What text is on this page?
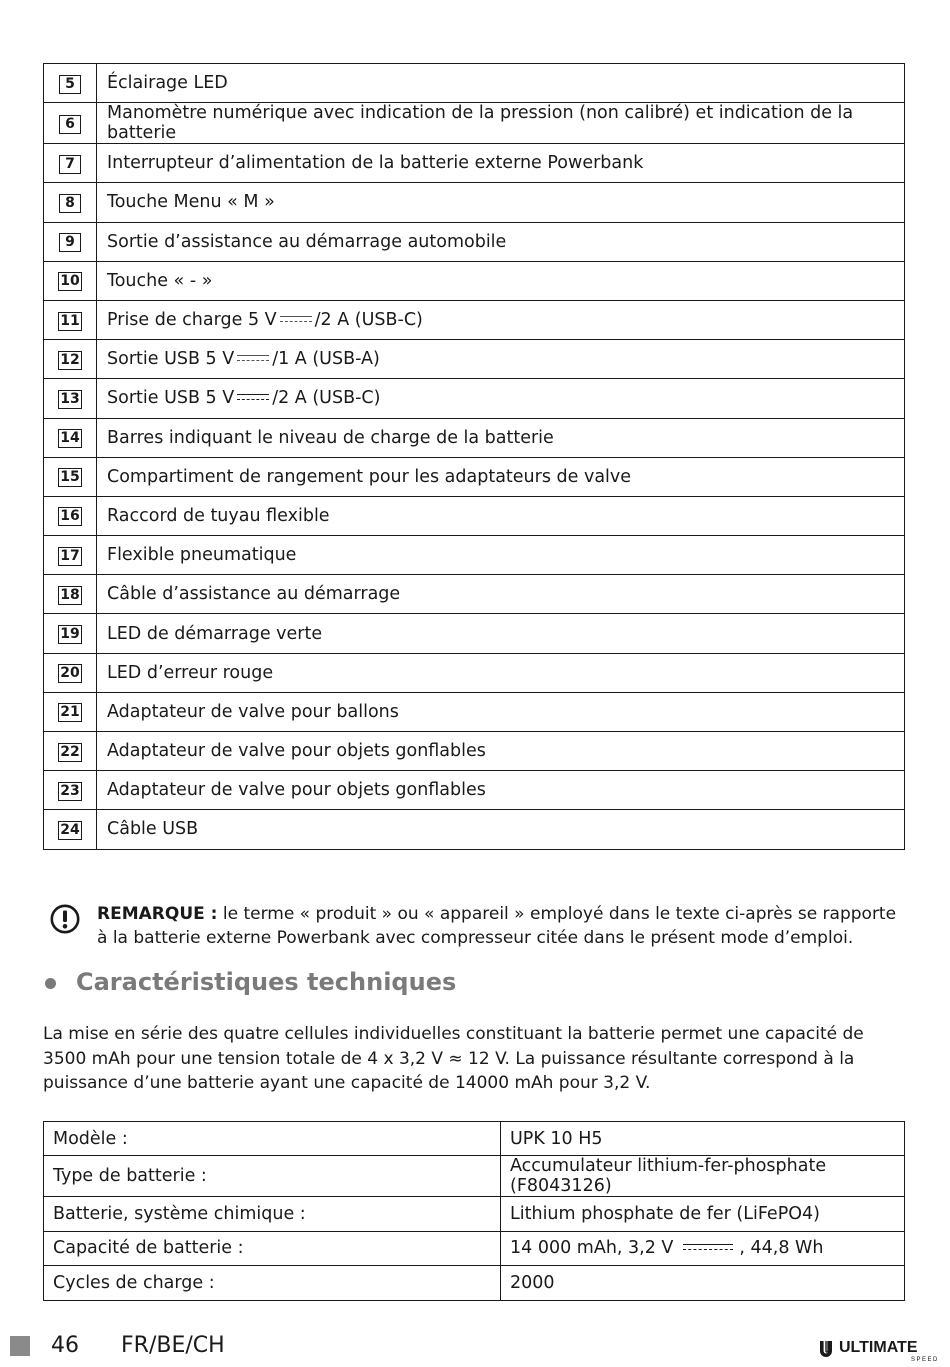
5	Éclairage LED
6	Manomètre numérique avec indication de la pression (non calibré) et indication de la batterie
7	Interrupteur d’alimentation de la batterie externe Powerbank
8	Touche Menu « M »
9	Sortie d’assistance au démarrage automobile
10	Touche « - »
11	Prise de charge 5 V /2 A (USB-C)
12	Sortie USB 5 V /1 A (USB-A)
13	Sortie USB 5 V /2 A (USB-C)
14	Barres indiquant le niveau de charge de la batterie
15	Compartiment de rangement pour les adaptateurs de valve
16	Raccord de tuyau flexible
17	Flexible pneumatique
18	Câble d’assistance au démarrage
19	LED de démarrage verte
20	LED d’erreur rouge
21	Adaptateur de valve pour ballons
22	Adaptateur de valve pour objets gonflables
23	Adaptateur de valve pour objets gonflables
24	Câble USB
REMARQUE : le terme « produit » ou « appareil » employé dans le texte ci-après se rapporte à la batterie externe Powerbank avec compresseur citée dans le présent mode d’emploi.
Caractéristiques techniques
La mise en série des quatre cellules individuelles constituant la batterie permet une capacité de 3500 mAh pour une tension totale de 4 x 3,2 V ≈ 12 V. La puissance résultante correspond à la puissance d’une batterie ayant une capacité de 14000 mAh pour 3,2 V.
Modèle :	UPK 10 H5
Type de batterie :	Accumulateur lithium-fer-phosphate (F8043126)
Batterie, système chimique :	Lithium phosphate de fer (LiFePO4)
Capacité de batterie :	14 000 mAh, 3,2 V , 44,8 Wh
Cycles de charge :	2000
46 FR/BE/CH	ULTIMATE
SPEED
